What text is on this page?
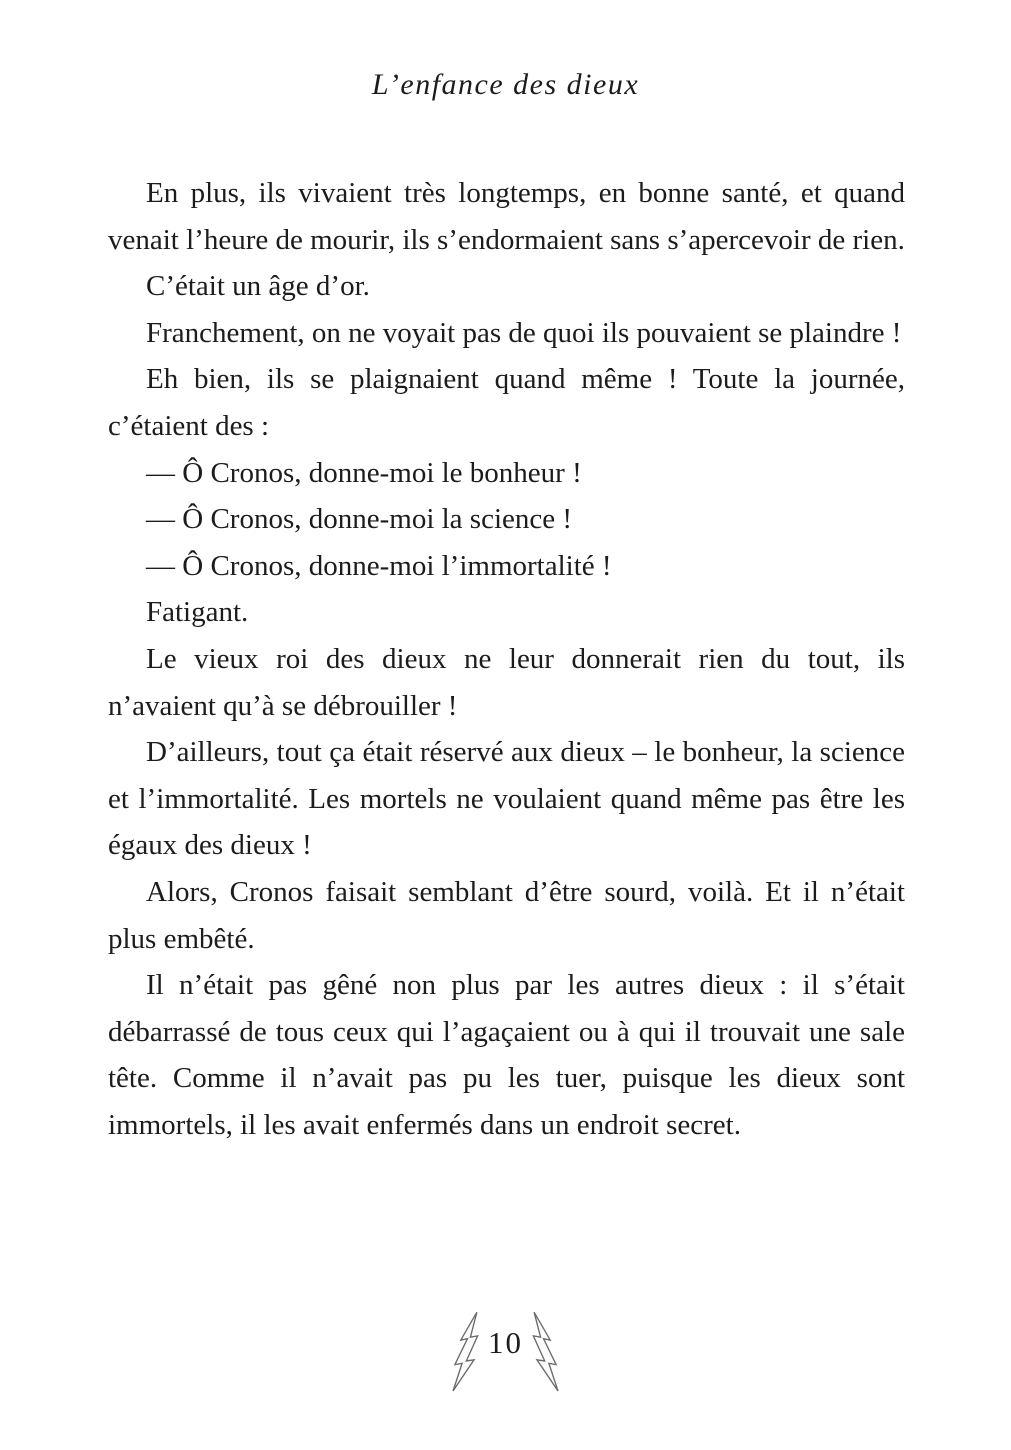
L’enfance des dieux

En plus, ils vivaient très longtemps, en bonne santé, et quand venait l’heure de mourir, ils s’endormaient sans s’apercevoir de rien.

C’était un âge d’or.

Franchement, on ne voyait pas de quoi ils pouvaient se plaindre !

Eh bien, ils se plaignaient quand même ! Toute la journée, c’étaient des :

— Ô Cronos, donne-moi le bonheur !

— Ô Cronos, donne-moi la science !

— Ô Cronos, donne-moi l’immortalité !

Fatigant.

Le vieux roi des dieux ne leur donnerait rien du tout, ils n’avaient qu’à se débrouiller !

D’ailleurs, tout ça était réservé aux dieux – le bonheur, la science et l’immortalité. Les mortels ne voulaient quand même pas être les égaux des dieux !

Alors, Cronos faisait semblant d’être sourd, voilà. Et il n’était plus embêté.

Il n’était pas gêné non plus par les autres dieux : il s’était débarrassé de tous ceux qui l’agaçaient ou à qui il trouvait une sale tête. Comme il n’avait pas pu les tuer, puisque les dieux sont immortels, il les avait enfermés dans un endroit secret.

10
